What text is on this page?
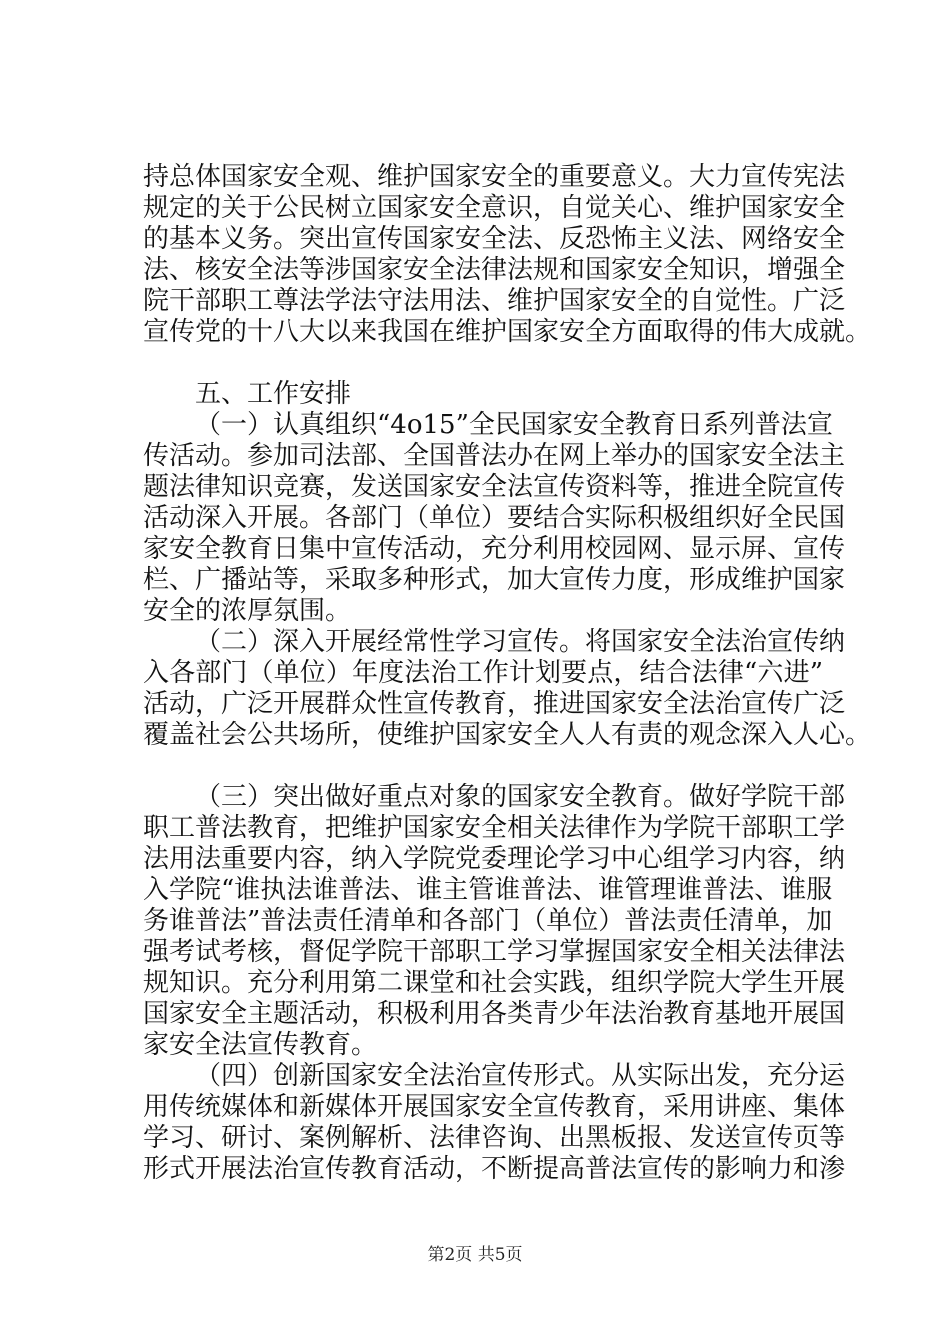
持总体国家安全观、维护国家安全的重要意义。大力宣传宪法
规定的关于公民树立国家安全意识，自觉关心、维护国家安全
的基本义务。突出宣传国家安全法、反恐怖主义法、网络安全
法、核安全法等涉国家安全法律法规和国家安全知识，增强全
院干部职工尊法学法守法用法、维护国家安全的自觉性。广泛
宣传党的十八大以来我国在维护国家安全方面取得的伟大成就。
五、工作安排
（一）认真组织“4o15”全民国家安全教育日系列普法宣
传活动。参加司法部、全国普法办在网上举办的国家安全法主
题法律知识竞赛，发送国家安全法宣传资料等，推进全院宣传
活动深入开展。各部门（单位）要结合实际积极组织好全民国
家安全教育日集中宣传活动，充分利用校园网、显示屏、宣传
栏、广播站等，采取多种形式，加大宣传力度，形成维护国家
安全的浓厚氛围。
（二）深入开展经常性学习宣传。将国家安全法治宣传纳
入各部门（单位）年度法治工作计划要点，结合法律“六进”
活动，广泛开展群众性宣传教育，推进国家安全法治宣传广泛
覆盖社会公共场所，使维护国家安全人人有责的观念深入人心。
（三）突出做好重点对象的国家安全教育。做好学院干部
职工普法教育，把维护国家安全相关法律作为学院干部职工学
法用法重要内容，纳入学院党委理论学习中心组学习内容，纳
入学院“谁执法谁普法、谁主管谁普法、谁管理谁普法、谁服
务谁普法”普法责任清单和各部门（单位）普法责任清单，加
强考试考核，督促学院干部职工学习掌握国家安全相关法律法
规知识。充分利用第二课堂和社会实践，组织学院大学生开展
国家安全主题活动，积极利用各类青少年法治教育基地开展国
家安全法宣传教育。
（四）创新国家安全法治宣传形式。从实际出发，充分运
用传统媒体和新媒体开展国家安全宣传教育，采用讲座、集体
学习、研讨、案例解析、法律咨询、出黑板报、发送宣传页等
形式开展法治宣传教育活动，不断提高普法宣传的影响力和渗
第2页 共5页
